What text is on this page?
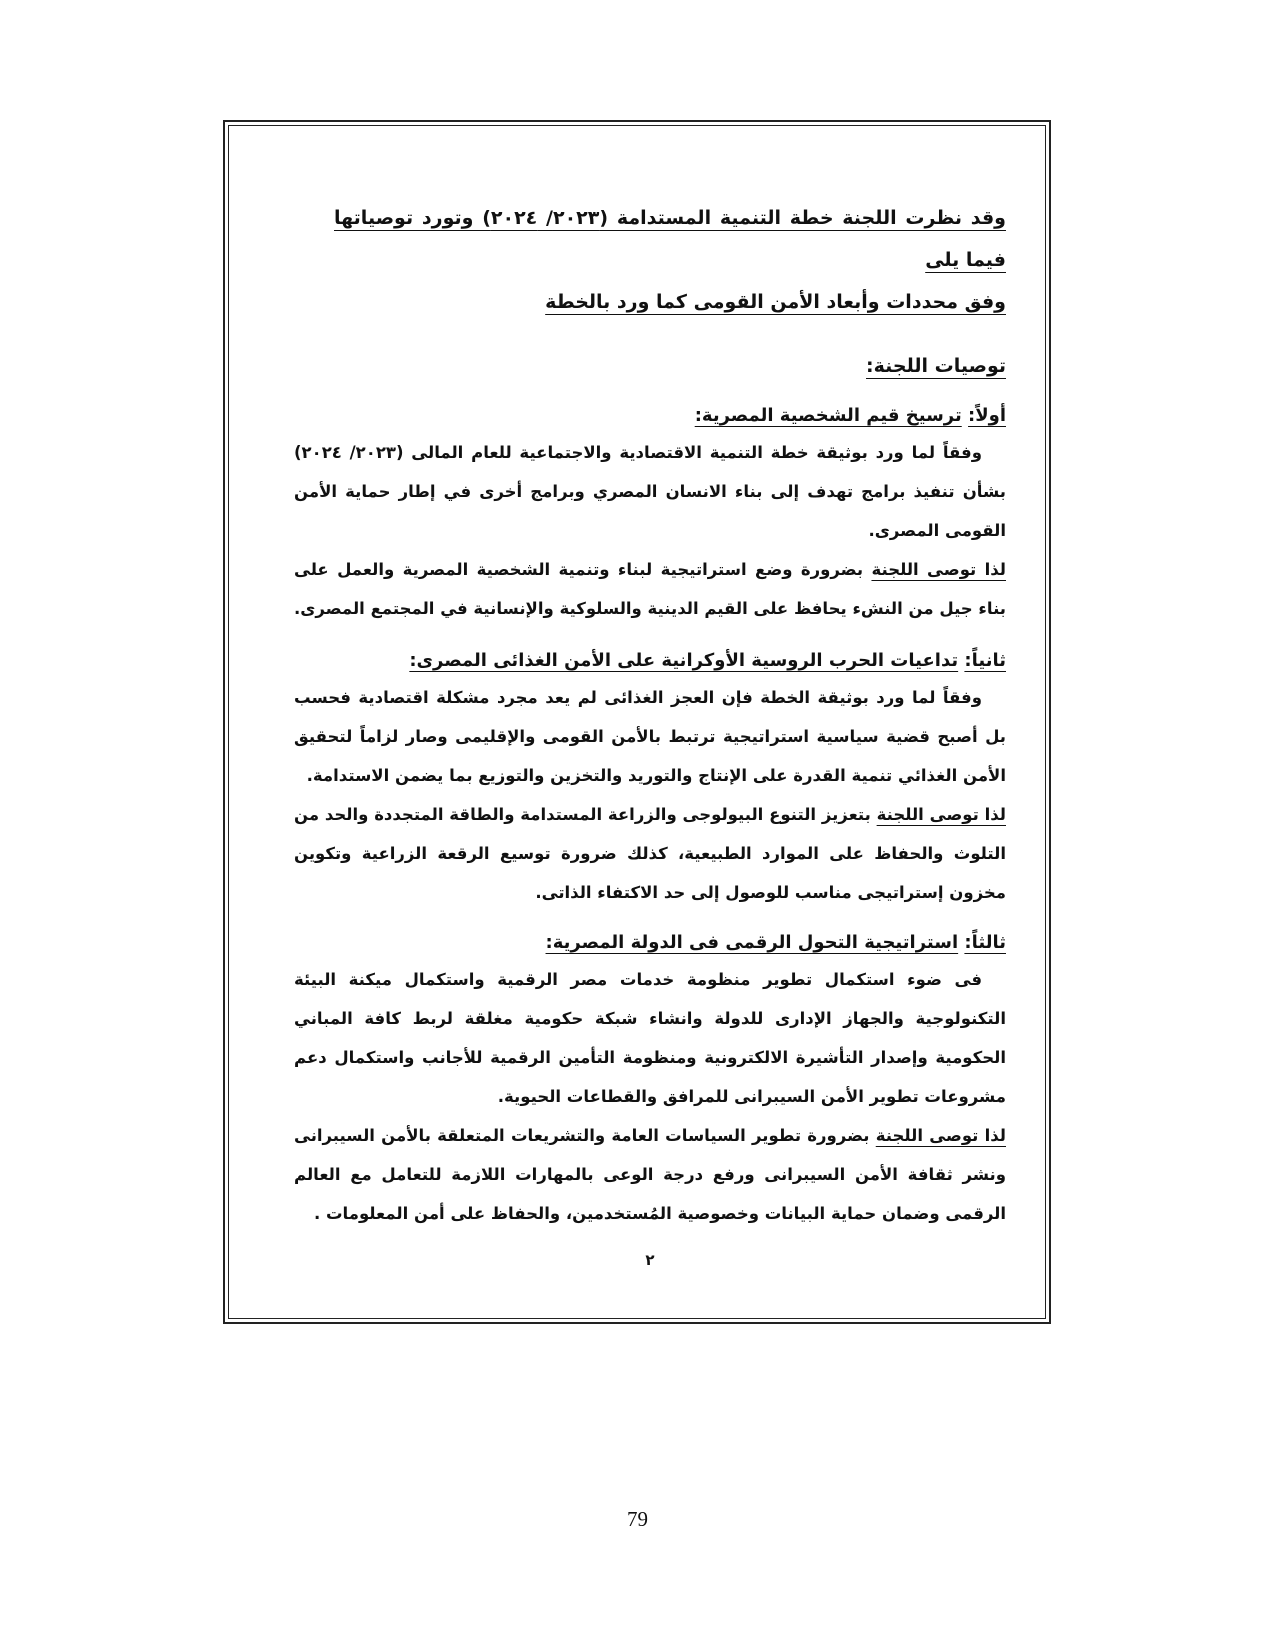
وقد نظرت اللجنة خطة التنمية المستدامة (٢٠٢٣/ ٢٠٢٤) وتورد توصياتها فيما يلى
وفق محددات وأبعاد الأمن القومى كما ورد بالخطة
توصيات اللجنة:
أولاً: ترسيخ قيم الشخصية المصرية:

وفقاً لما ورد بوثيقة خطة التنمية الاقتصادية والاجتماعية للعام المالى (٢٠٢٣/ ٢٠٢٤) بشأن تنفيذ برامج تهدف إلى بناء الانسان المصري وبرامج أخرى في إطار حماية الأمن القومى المصرى.

لذا توصى اللجنة بضرورة وضع استراتيجية لبناء وتنمية الشخصية المصرية والعمل على بناء جيل من النشء يحافظ على القيم الدينية والسلوكية والإنسانية في المجتمع المصرى.

ثانياً: تداعيات الحرب الروسية الأوكرانية على الأمن الغذائى المصرى:

وفقاً لما ورد بوثيقة الخطة فإن العجز الغذائى لم يعد مجرد مشكلة اقتصادية فحسب بل أصبح قضية سياسية استراتيجية ترتبط بالأمن القومى والإقليمى وصار لزاماً لتحقيق الأمن الغذائي تنمية القدرة على الإنتاج والتوريد والتخزين والتوزيع بما يضمن الاستدامة.

لذا توصى اللجنة بتعزيز التنوع البيولوجى والزراعة المستدامة والطاقة المتجددة والحد من التلوث والحفاظ على الموارد الطبيعية، كذلك ضرورة توسيع الرقعة الزراعية وتكوين مخزون إستراتيجى مناسب للوصول إلى حد الاكتفاء الذاتى.

ثالثاً: استراتيجية التحول الرقمى فى الدولة المصرية:

فى ضوء استكمال تطوير منظومة خدمات مصر الرقمية واستكمال ميكنة البيئة التكنولوجية والجهاز الإدارى للدولة وانشاء شبكة حكومية مغلقة لربط كافة المباني الحكومية وإصدار التأشيرة الالكترونية ومنظومة التأمين الرقمية للأجانب واستكمال دعم مشروعات تطوير الأمن السيبرانى للمرافق والقطاعات الحيوية.

لذا توصى اللجنة بضرورة تطوير السياسات العامة والتشريعات المتعلقة بالأمن السيبرانى ونشر ثقافة الأمن السيبرانى ورفع درجة الوعى بالمهارات اللازمة للتعامل مع العالم الرقمى وضمان حماية البيانات وخصوصية المُستخدمين، والحفاظ على أمن المعلومات .

٢
79
